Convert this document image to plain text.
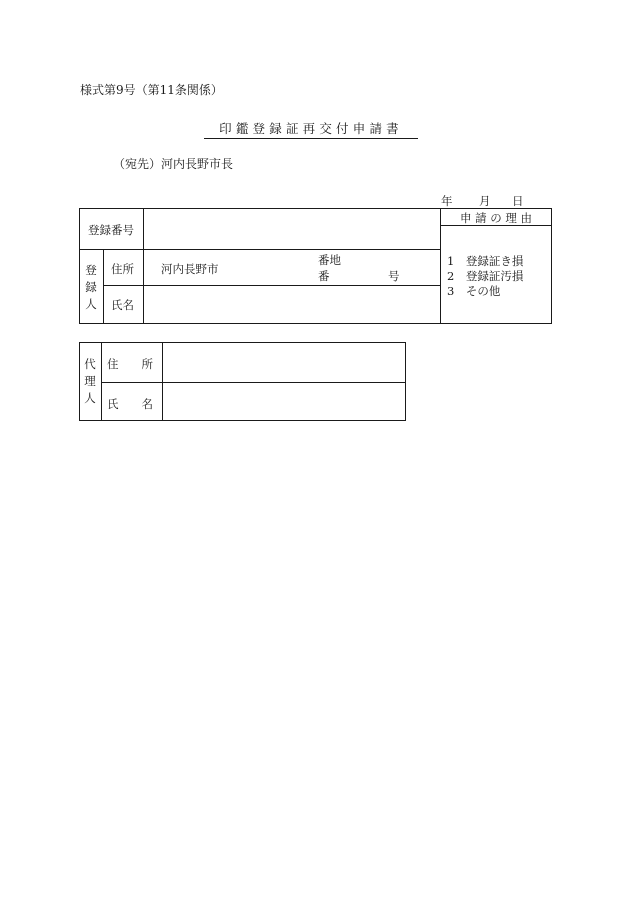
様式第9号（第11条関係）
印鑑登録証再交付申請書
（宛先）河内長野市長
年 月 日
登録番号
登
録
人
住所 河内長野市
番地
番	号
氏名
申 請 の 理 由
1　登録証き損
2　登録証汚損
3　その他
代
理
人
住　　所
氏　　名
